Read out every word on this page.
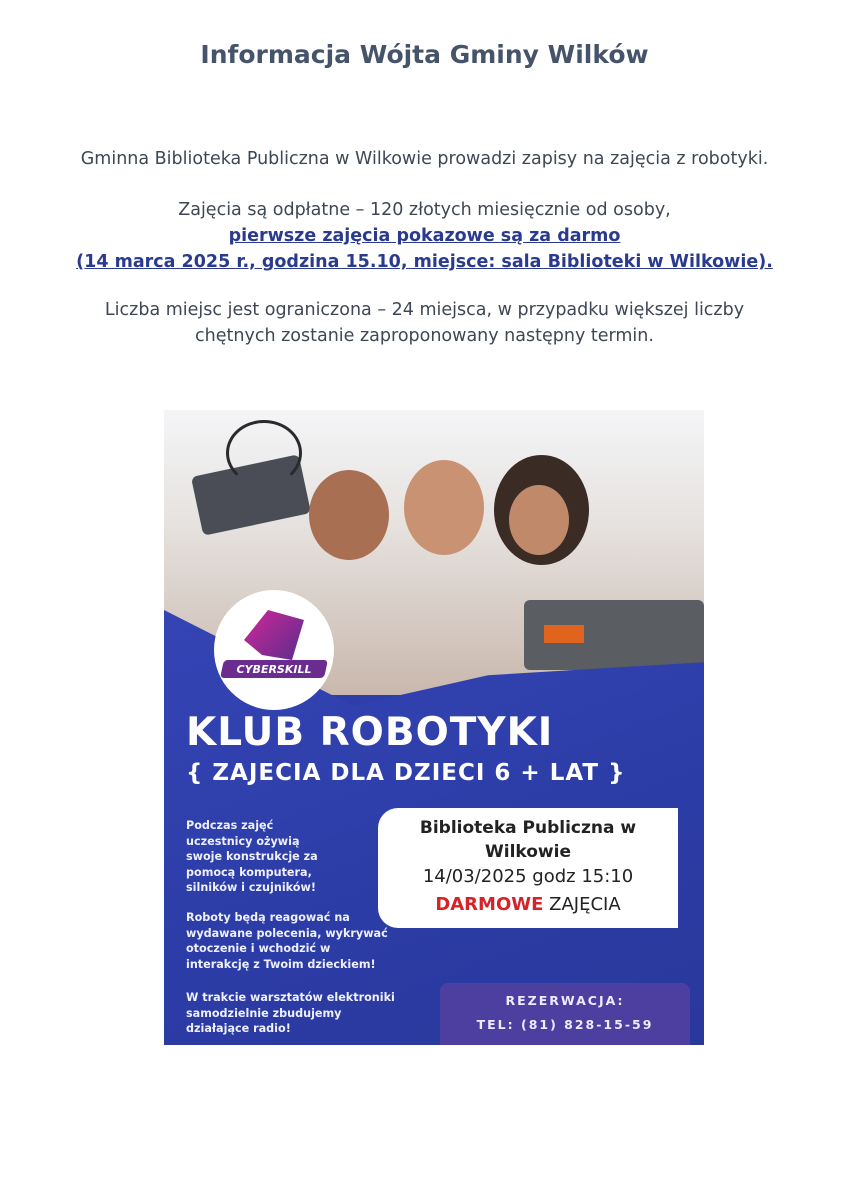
Informacja Wójta Gminy Wilków
Gminna Biblioteka Publiczna w Wilkowie prowadzi zapisy na zajęcia z robotyki.
Zajęcia są odpłatne – 120 złotych miesięcznie od osoby,
pierwsze zajęcia pokazowe są za darmo
(14 marca 2025 r., godzina 15.10, miejsce: sala Biblioteki w Wilkowie).
Liczba miejsc jest ograniczona – 24 miejsca, w przypadku większej liczby
chętnych zostanie zaproponowany następny termin.
CYBERSKILL
KLUB ROBOTYKI
{ ZAJECIA DLA DZIECI 6 + LAT }
Podczas zajęć
uczestnicy ożywią
swoje konstrukcje za
pomocą komputera,
silników i czujników!
Roboty będą reagować na
wydawane polecenia, wykrywać
otoczenie i wchodzić w
interakcję z Twoim dzieckiem!
W trakcie warsztatów elektroniki
samodzielnie zbudujemy
działające radio!
Biblioteka Publiczna w
Wilkowie
14/03/2025 godz 15:10
DARMOWE ZAJĘCIA
REZERWACJA:
TEL: (81) 828-15-59
